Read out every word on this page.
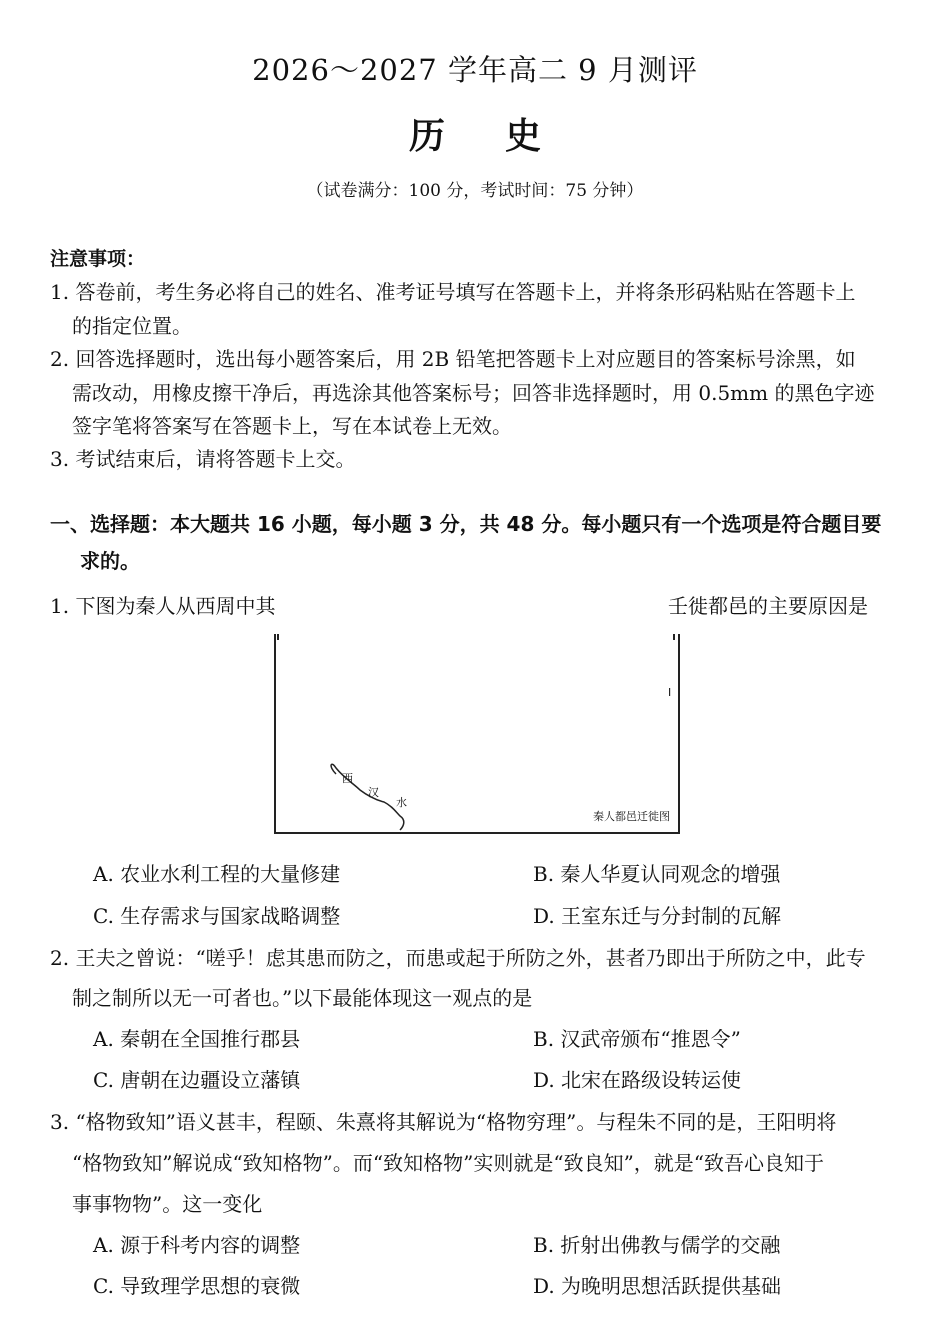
2026～2027 学年高二 9 月测评
历史
（试卷满分：100 分，考试时间：75 分钟）
注意事项：
1. 答卷前，考生务必将自己的姓名、准考证号填写在答题卡上，并将条形码粘贴在答题卡上
的指定位置。
2. 回答选择题时，选出每小题答案后，用 2B 铅笔把答题卡上对应题目的答案标号涂黑，如
需改动，用橡皮擦干净后，再选涂其他答案标号；回答非选择题时，用 0.5mm 的黑色字迹
签字笔将答案写在答题卡上，写在本试卷上无效。
3. 考试结束后，请将答题卡上交。
一、选择题：本大题共 16 小题，每小题 3 分，共 48 分。每小题只有一个选项是符合题目要
求的。
1. 下图为秦人从西周中其	壬徙都邑的主要原因是
西
汉
水
I
秦人都邑迁徙图
A. 农业水利工程的大量修建	B. 秦人华夏认同观念的增强
C. 生存需求与国家战略调整	D. 王室东迁与分封制的瓦解
2. 王夫之曾说：“嗟乎！虑其患而防之，而患或起于所防之外，甚者乃即出于所防之中，此专
制之制所以无一可者也。”以下最能体现这一观点的是
A. 秦朝在全国推行郡县	B. 汉武帝颁布“推恩令”
C. 唐朝在边疆设立藩镇	D. 北宋在路级设转运使
3. “格物致知”语义甚丰，程颐、朱熹将其解说为“格物穷理”。与程朱不同的是，王阳明将
“格物致知”解说成“致知格物”。而“致知格物”实则就是“致良知”，就是“致吾心良知于
事事物物”。这一变化
A. 源于科考内容的调整	B. 折射出佛教与儒学的交融
C. 导致理学思想的衰微	D. 为晚明思想活跃提供基础
